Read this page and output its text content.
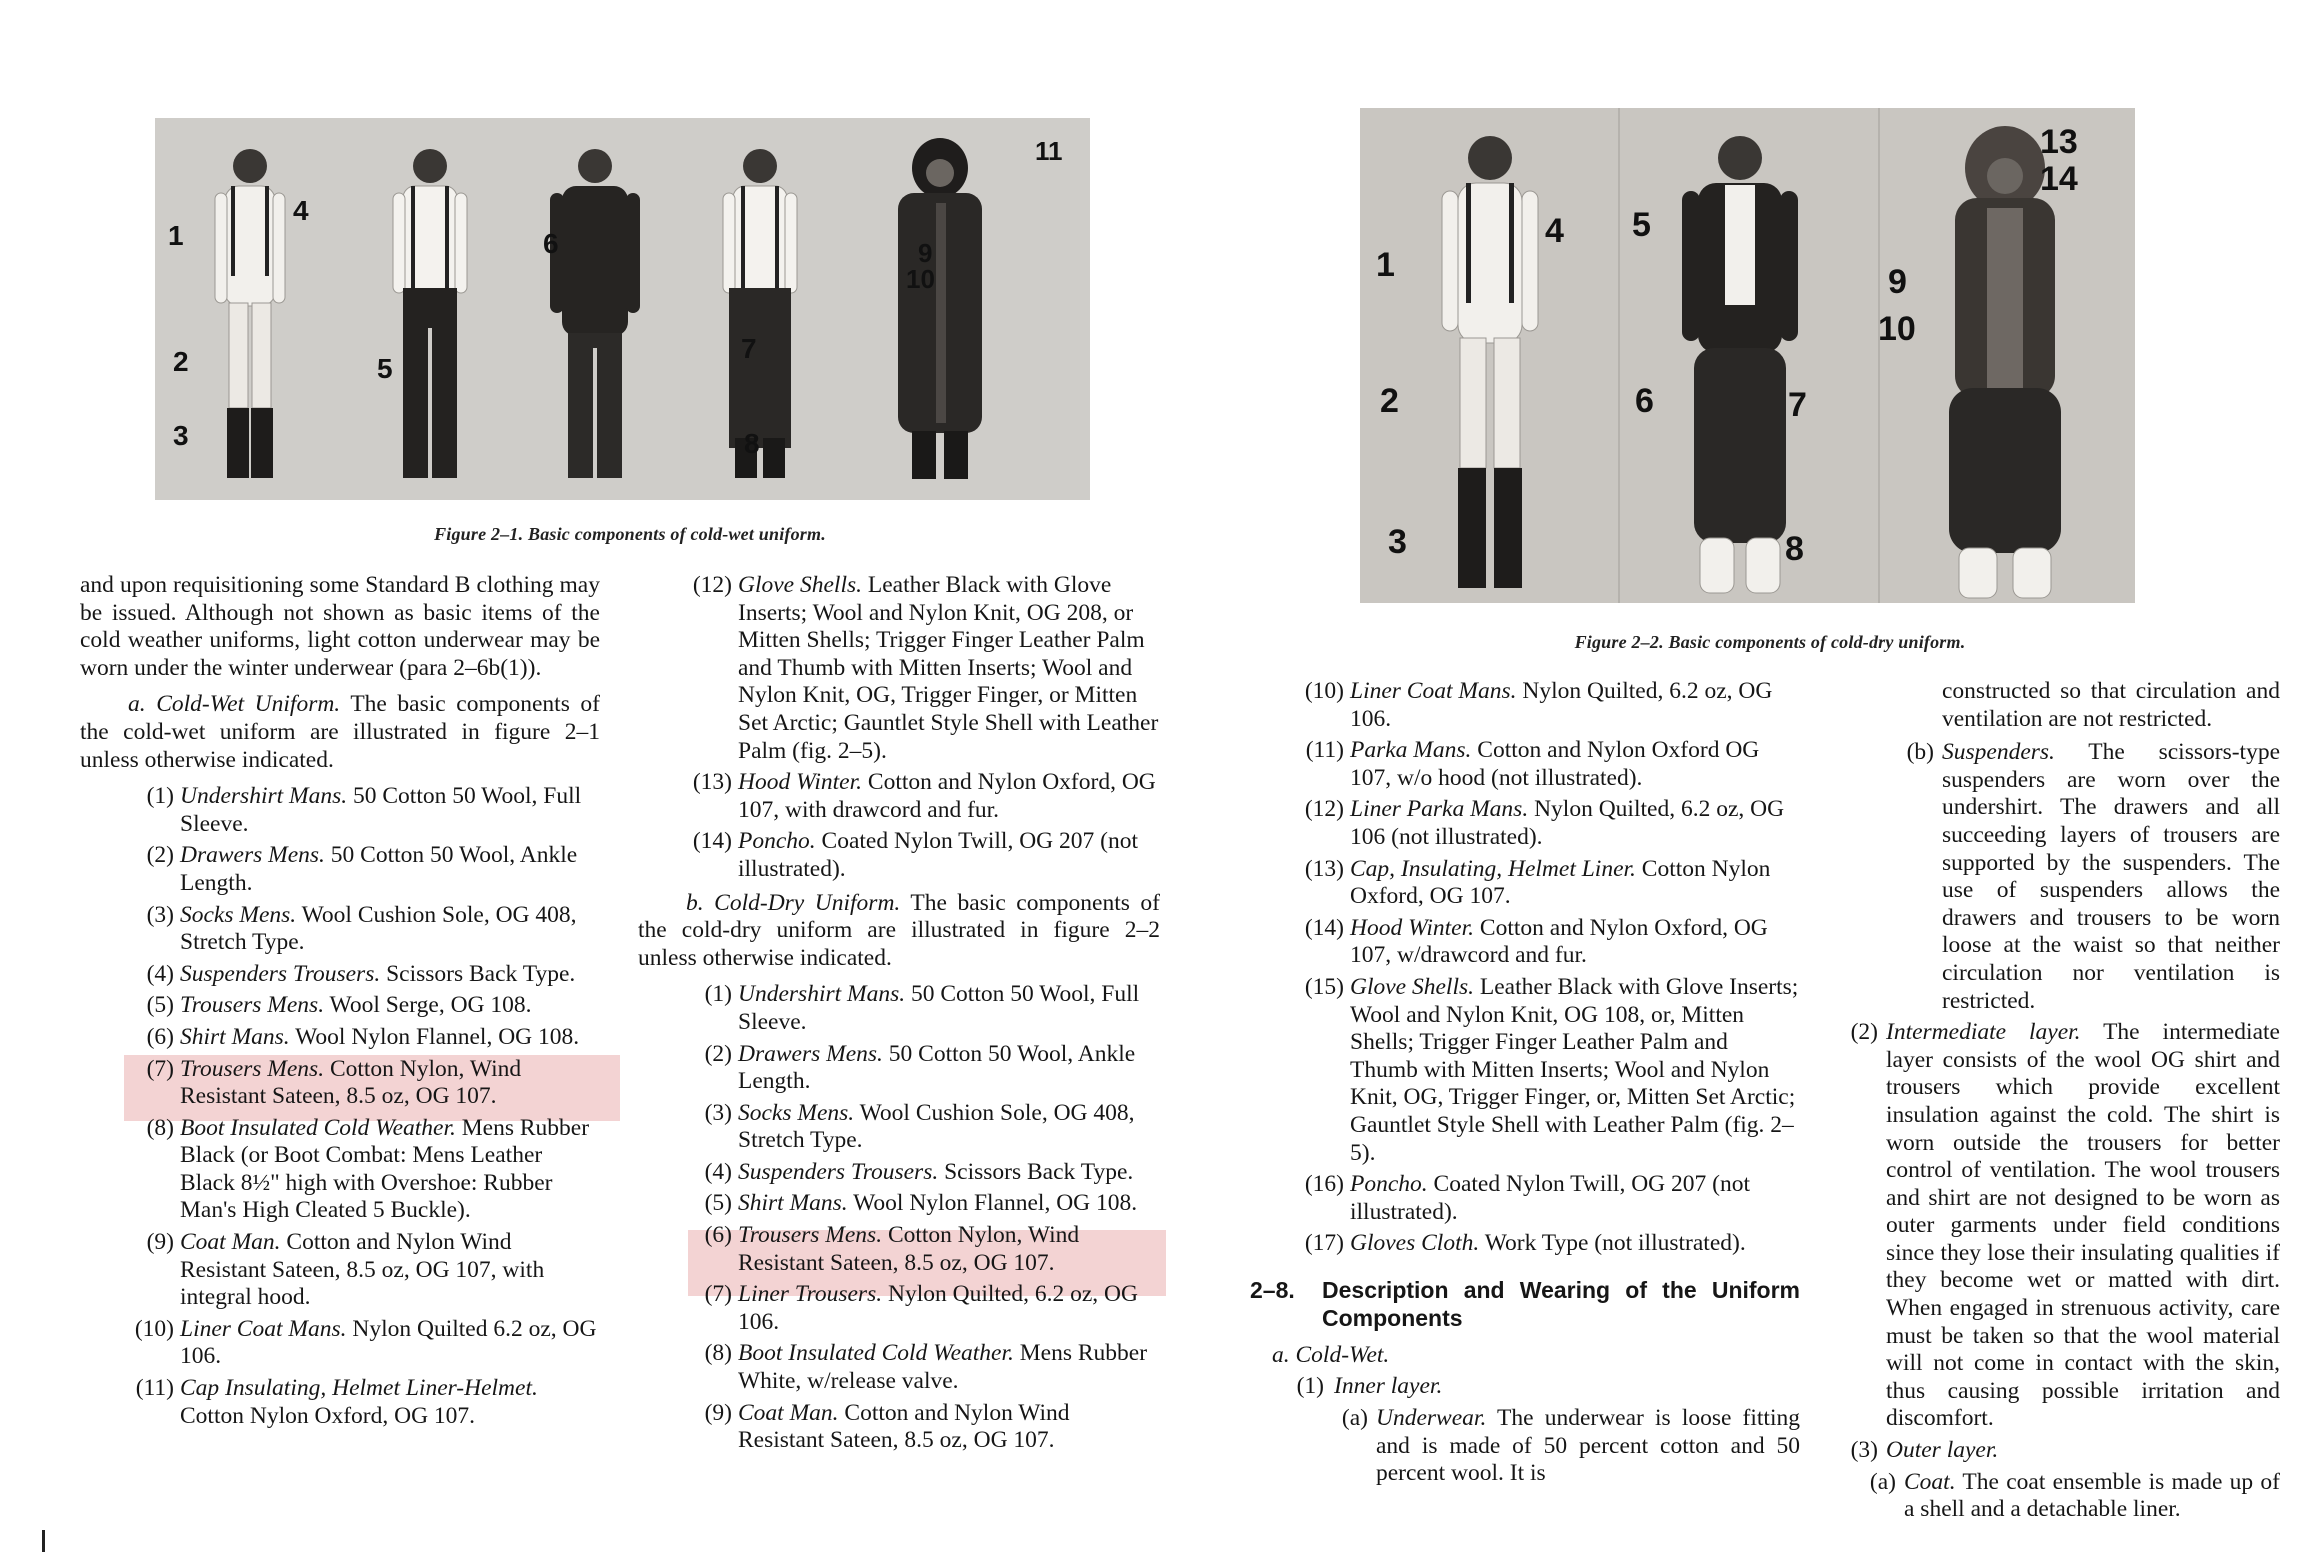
1
2
3
4
5
6
7
8
9
10
11
Figure 2–1. Basic components of cold-wet uniform.

and upon requisitioning some Standard B clothing may be issued. Although not shown as basic items of the cold weather uniforms, light cotton underwear may be worn under the winter underwear (para 2–6b(1)).

a. Cold-Wet Uniform. The basic components of the cold-wet uniform are illustrated in figure 2–1 unless otherwise indicated.

(1) Undershirt Mans. 50 Cotton 50 Wool, Full Sleeve.
(2) Drawers Mens. 50 Cotton 50 Wool, Ankle Length.
(3) Socks Mens. Wool Cushion Sole, OG 408, Stretch Type.
(4) Suspenders Trousers. Scissors Back Type.
(5) Trousers Mens. Wool Serge, OG 108.
(6) Shirt Mans. Wool Nylon Flannel, OG 108.
(7) Trousers Mens. Cotton Nylon, Wind Resistant Sateen, 8.5 oz, OG 107.
(8) Boot Insulated Cold Weather. Mens Rubber Black (or Boot Combat: Mens Leather Black 8½" high with Overshoe: Rubber Man's High Cleated 5 Buckle).
(9) Coat Man. Cotton and Nylon Wind Resistant Sateen, 8.5 oz, OG 107, with integral hood.
(10) Liner Coat Mans. Nylon Quilted 6.2 oz, OG 106.
(11) Cap Insulating, Helmet Liner-Helmet. Cotton Nylon Oxford, OG 107.
(12) Glove Shells. Leather Black with Glove Inserts; Wool and Nylon Knit, OG 208, or Mitten Shells; Trigger Finger Leather Palm and Thumb with Mitten Inserts; Wool and Nylon Knit, OG, Trigger Finger, or Mitten Set Arctic; Gauntlet Style Shell with Leather Palm (fig. 2–5).
(13) Hood Winter. Cotton and Nylon Oxford, OG 107, with drawcord and fur.
(14) Poncho. Coated Nylon Twill, OG 207 (not illustrated).

b. Cold-Dry Uniform. The basic components of the cold-dry uniform are illustrated in figure 2–2 unless otherwise indicated.

(1) Undershirt Mans. 50 Cotton 50 Wool, Full Sleeve.
(2) Drawers Mens. 50 Cotton 50 Wool, Ankle Length.
(3) Socks Mens. Wool Cushion Sole, OG 408, Stretch Type.
(4) Suspenders Trousers. Scissors Back Type.
(5) Shirt Mans. Wool Nylon Flannel, OG 108.
(6) Trousers Mens. Cotton Nylon, Wind Resistant Sateen, 8.5 oz, OG 107.
(7) Liner Trousers. Nylon Quilted, 6.2 oz, OG 106.
(8) Boot Insulated Cold Weather. Mens Rubber White, w/release valve.
(9) Coat Man. Cotton and Nylon Wind Resistant Sateen, 8.5 oz, OG 107.
1
2
3
4 5
6	7
8
9
10
13
14
Figure 2–2. Basic components of cold-dry uniform.
(10) Liner Coat Mans. Nylon Quilted, 6.2 oz, OG 106.
(11) Parka Mans. Cotton and Nylon Oxford OG 107, w/o hood (not illustrated).
(12) Liner Parka Mans. Nylon Quilted, 6.2 oz, OG 106 (not illustrated).
(13) Cap, Insulating, Helmet Liner. Cotton Nylon Oxford, OG 107.
(14) Hood Winter. Cotton and Nylon Oxford, OG 107, w/drawcord and fur.
(15) Glove Shells. Leather Black with Glove Inserts; Wool and Nylon Knit, OG 108, or, Mitten Shells; Trigger Finger Leather Palm and Thumb with Mitten Inserts; Wool and Nylon Knit, OG, Trigger Finger, or, Mitten Set Arctic; Gauntlet Style Shell with Leather Palm (fig. 2–5).
(16) Poncho. Coated Nylon Twill, OG 207 (not illustrated).
(17) Gloves Cloth. Work Type (not illustrated).
2–8. Description and Wearing of the Uniform Components
a. Cold-Wet.
(1) Inner layer.
(a) Underwear. The underwear is loose fitting and is made of 50 percent cotton and 50 percent wool. It is
constructed so that circulation and ventilation are not restricted.
(b) Suspenders. The scissors-type suspenders are worn over the undershirt. The drawers and all succeeding layers of trousers are supported by the suspenders. The use of suspenders allows the drawers and trousers to be worn loose at the waist so that neither circulation nor ventilation is restricted.
(2) Intermediate layer. The intermediate layer consists of the wool OG shirt and trousers which provide excellent insulation against the cold. The shirt is worn outside the trousers for better control of ventilation. The wool trousers and shirt are not designed to be worn as outer garments under field conditions since they lose their insulating qualities if they become wet or matted with dirt. When engaged in strenuous activity, care must be taken so that the wool material will not come in contact with the skin, thus causing possible irritation and discomfort.
(3) Outer layer.
(a) Coat. The coat ensemble is made up of a shell and a detachable liner.
